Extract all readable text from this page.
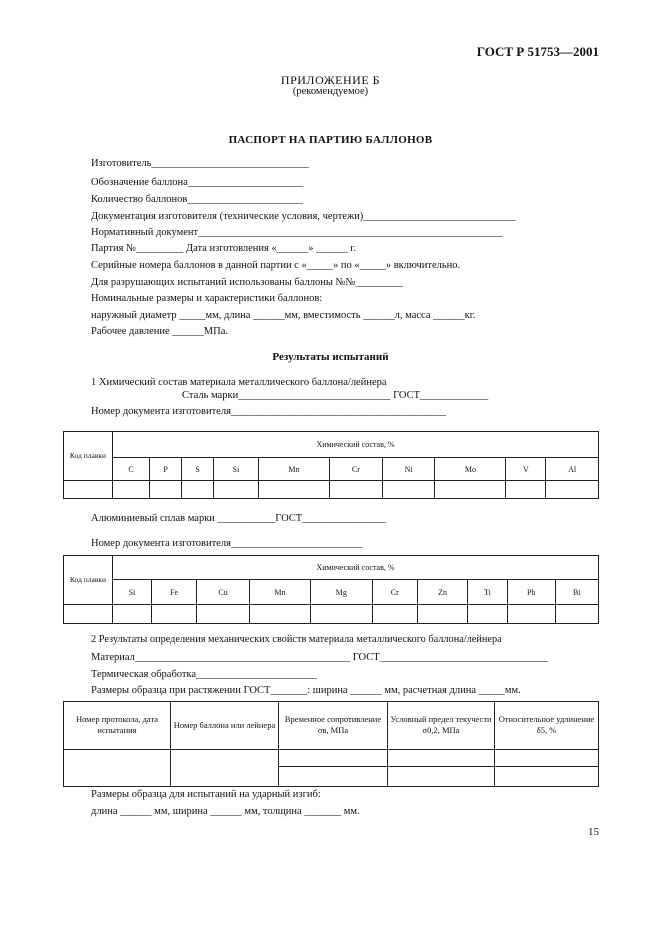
ГОСТ Р 51753—2001
ПРИЛОЖЕНИЕ Б
(рекомендуемое)
ПАСПОРТ НА ПАРТИЮ БАЛЛОНОВ
Изготовитель______________________________
Обозначение баллона______________________
Количество баллонов______________________
Документация изготовителя (технические условия, чертежи)_____________________________
Нормативный документ__________________________________________________________
Партия №_________ Дата изготовления «______» ______ г.
Серийные номера баллонов в данной партии с «_____» по «_____» включительно.
Для разрушающих испытаний использованы баллоны №№_________
Номинальные размеры и характеристики баллонов:
наружный диаметр _____мм, длина ______мм, вместимость ______л, масса ______кг.
Рабочее давление ______МПа.
Результаты испытаний
1 Химический состав материала металлического баллона/лейнера
Сталь марки_____________________________ ГОСТ_____________
Номер документа изготовителя_________________________________________
Код плавки	Химический состав, %									
	C	P	S	Si	Mn	Cr	Ni	Mo	V	Al

Алюминиевый сплав марки ___________ГОСТ________________
Номер документа изготовителя_________________________
Код плавки	Химический состав, %									
	Si	Fe	Cu	Mn	Mg	Cr	Zn	Ti	Pb	Bi

2 Результаты определения механических свойств материала металлического баллона/лейнера
Материал_________________________________________ ГОСТ________________________________
Термическая обработка_______________________
Размеры образца при растяжении ГОСТ_______: ширина ______ мм, расчетная длина _____мм.
Номер протокола, дата испытания	Номер баллона или лейнера	Временное сопротивление σв, МПа	Условный предел текучести σ0,2, МПа	Относительное удлинение δ5, %

Размеры образца для испытаний на ударный изгиб:
длина ______ мм, ширина ______ мм, толщина _______ мм.
15
